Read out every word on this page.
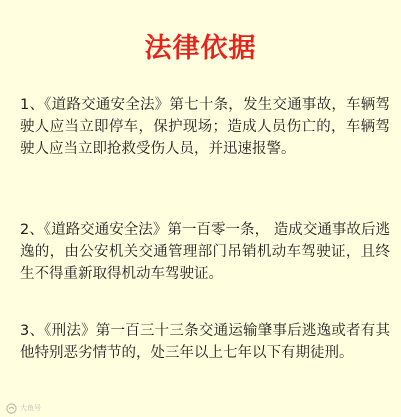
法律依据

1、《道路交通安全法》第七十条，发生交通事故，车辆驾驶人应当立即停车，保护现场；造成人员伤亡的，车辆驾驶人应当立即抢救受伤人员，并迅速报警。

2、《道路交通安全法》第一百零一条， 造成交通事故后逃逸的，由公安机关交通管理部门吊销机动车驾驶证，且终生不得重新取得机动车驾驶证。

3、《刑法》第一百三十三条交通运输肇事后逃逸或者有其他特别恶劣情节的，处三年以上七年以下有期徒刑。

大鱼号
